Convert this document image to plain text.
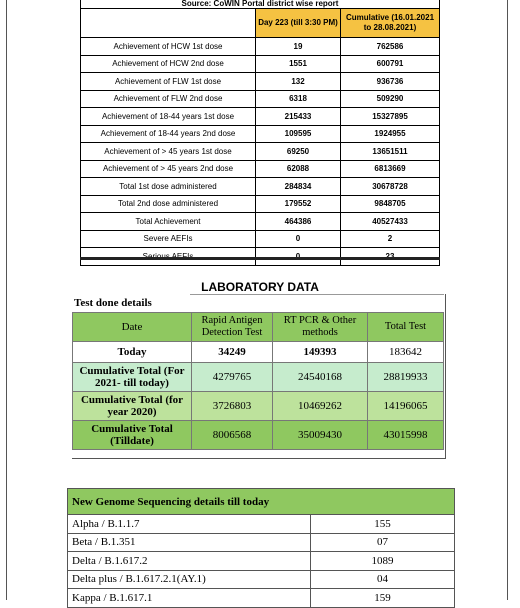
Source: CoWIN Portal district wise report		
	Day 223 (till 3:30 PM)	Cumulative (16.01.2021 to 28.08.2021)
Achievement of HCW 1st dose	19	762586
Achievement of HCW 2nd dose	1551	600791
Achievement of FLW 1st dose	132	936736
Achievement of FLW 2nd dose	6318	509290
Achievement of 18-44 years 1st dose	215433	15327895
Achievement of 18-44 years 2nd dose	109595	1924955
Achievement of > 45 years 1st dose	69250	13651511
Achievement of > 45 years 2nd dose	62088	6813669
Total 1st dose administered	284834	30678728
Total 2nd dose administered	179552	9848705
Total Achievement	464386	40527433
Severe AEFIs	0	2

LABORATORY DATA
Test done details
Date	Rapid Antigen Detection Test	RT PCR & Other methods	Total Test
Today	34249	149393	183642
Cumulative Total (For 2021- till today)	4279765	24540168	28819933
Cumulative Total (for year 2020)	3726803	10469262	14196065
Cumulative Total (Tilldate)	8006568	35009430	43015998
New Genome Sequencing details till today	
Alpha / B.1.1.7	155
Beta / B.1.351	07
Delta / B.1.617.2	1089
Delta plus / B.1.617.2.1(AY.1)	04
Kappa / B.1.617.1	159
